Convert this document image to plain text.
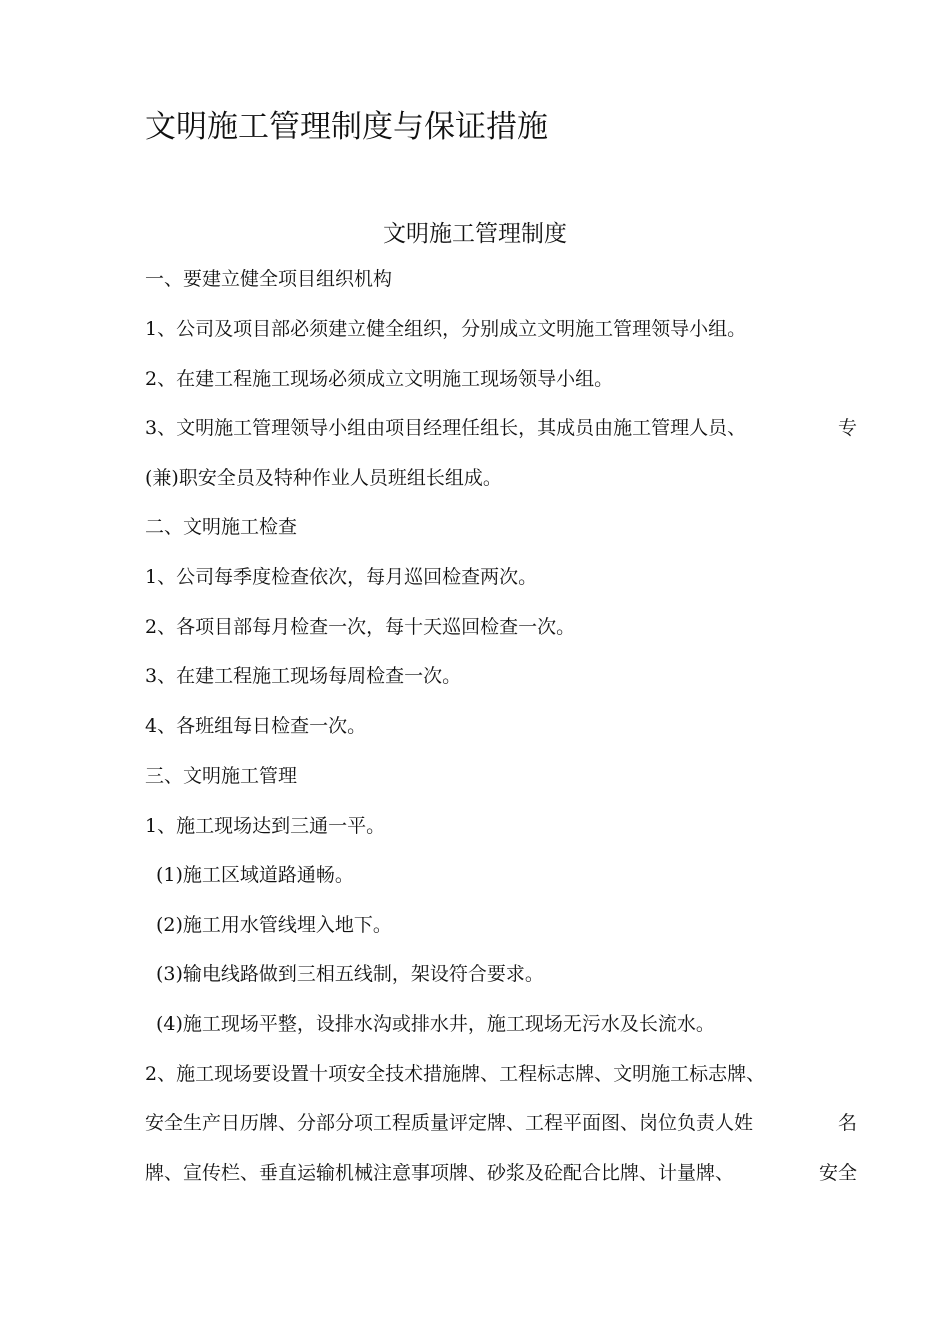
文明施工管理制度与保证措施
文明施工管理制度
一、要建立健全项目组织机构
1、公司及项目部必须建立健全组织，分别成立文明施工管理领导小组。
2、在建工程施工现场必须成立文明施工现场领导小组。
3、文明施工管理领导小组由项目经理任组长，其成员由施工管理人员、	专
(兼)职安全员及特种作业人员班组长组成。
二、文明施工检查
1、公司每季度检查依次，每月巡回检查两次。
2、各项目部每月检查一次，每十天巡回检查一次。
3、在建工程施工现场每周检查一次。
4、各班组每日检查一次。
三、文明施工管理
1、施工现场达到三通一平。
(1)施工区域道路通畅。
(2)施工用水管线埋入地下。
(3)输电线路做到三相五线制，架设符合要求。
(4)施工现场平整，设排水沟或排水井，施工现场无污水及长流水。
2、施工现场要设置十项安全技术措施牌、工程标志牌、文明施工标志牌、
安全生产日历牌、分部分项工程质量评定牌、工程平面图、岗位负责人姓	名
牌、宣传栏、垂直运输机械注意事项牌、砂浆及砼配合比牌、计量牌、	安全
